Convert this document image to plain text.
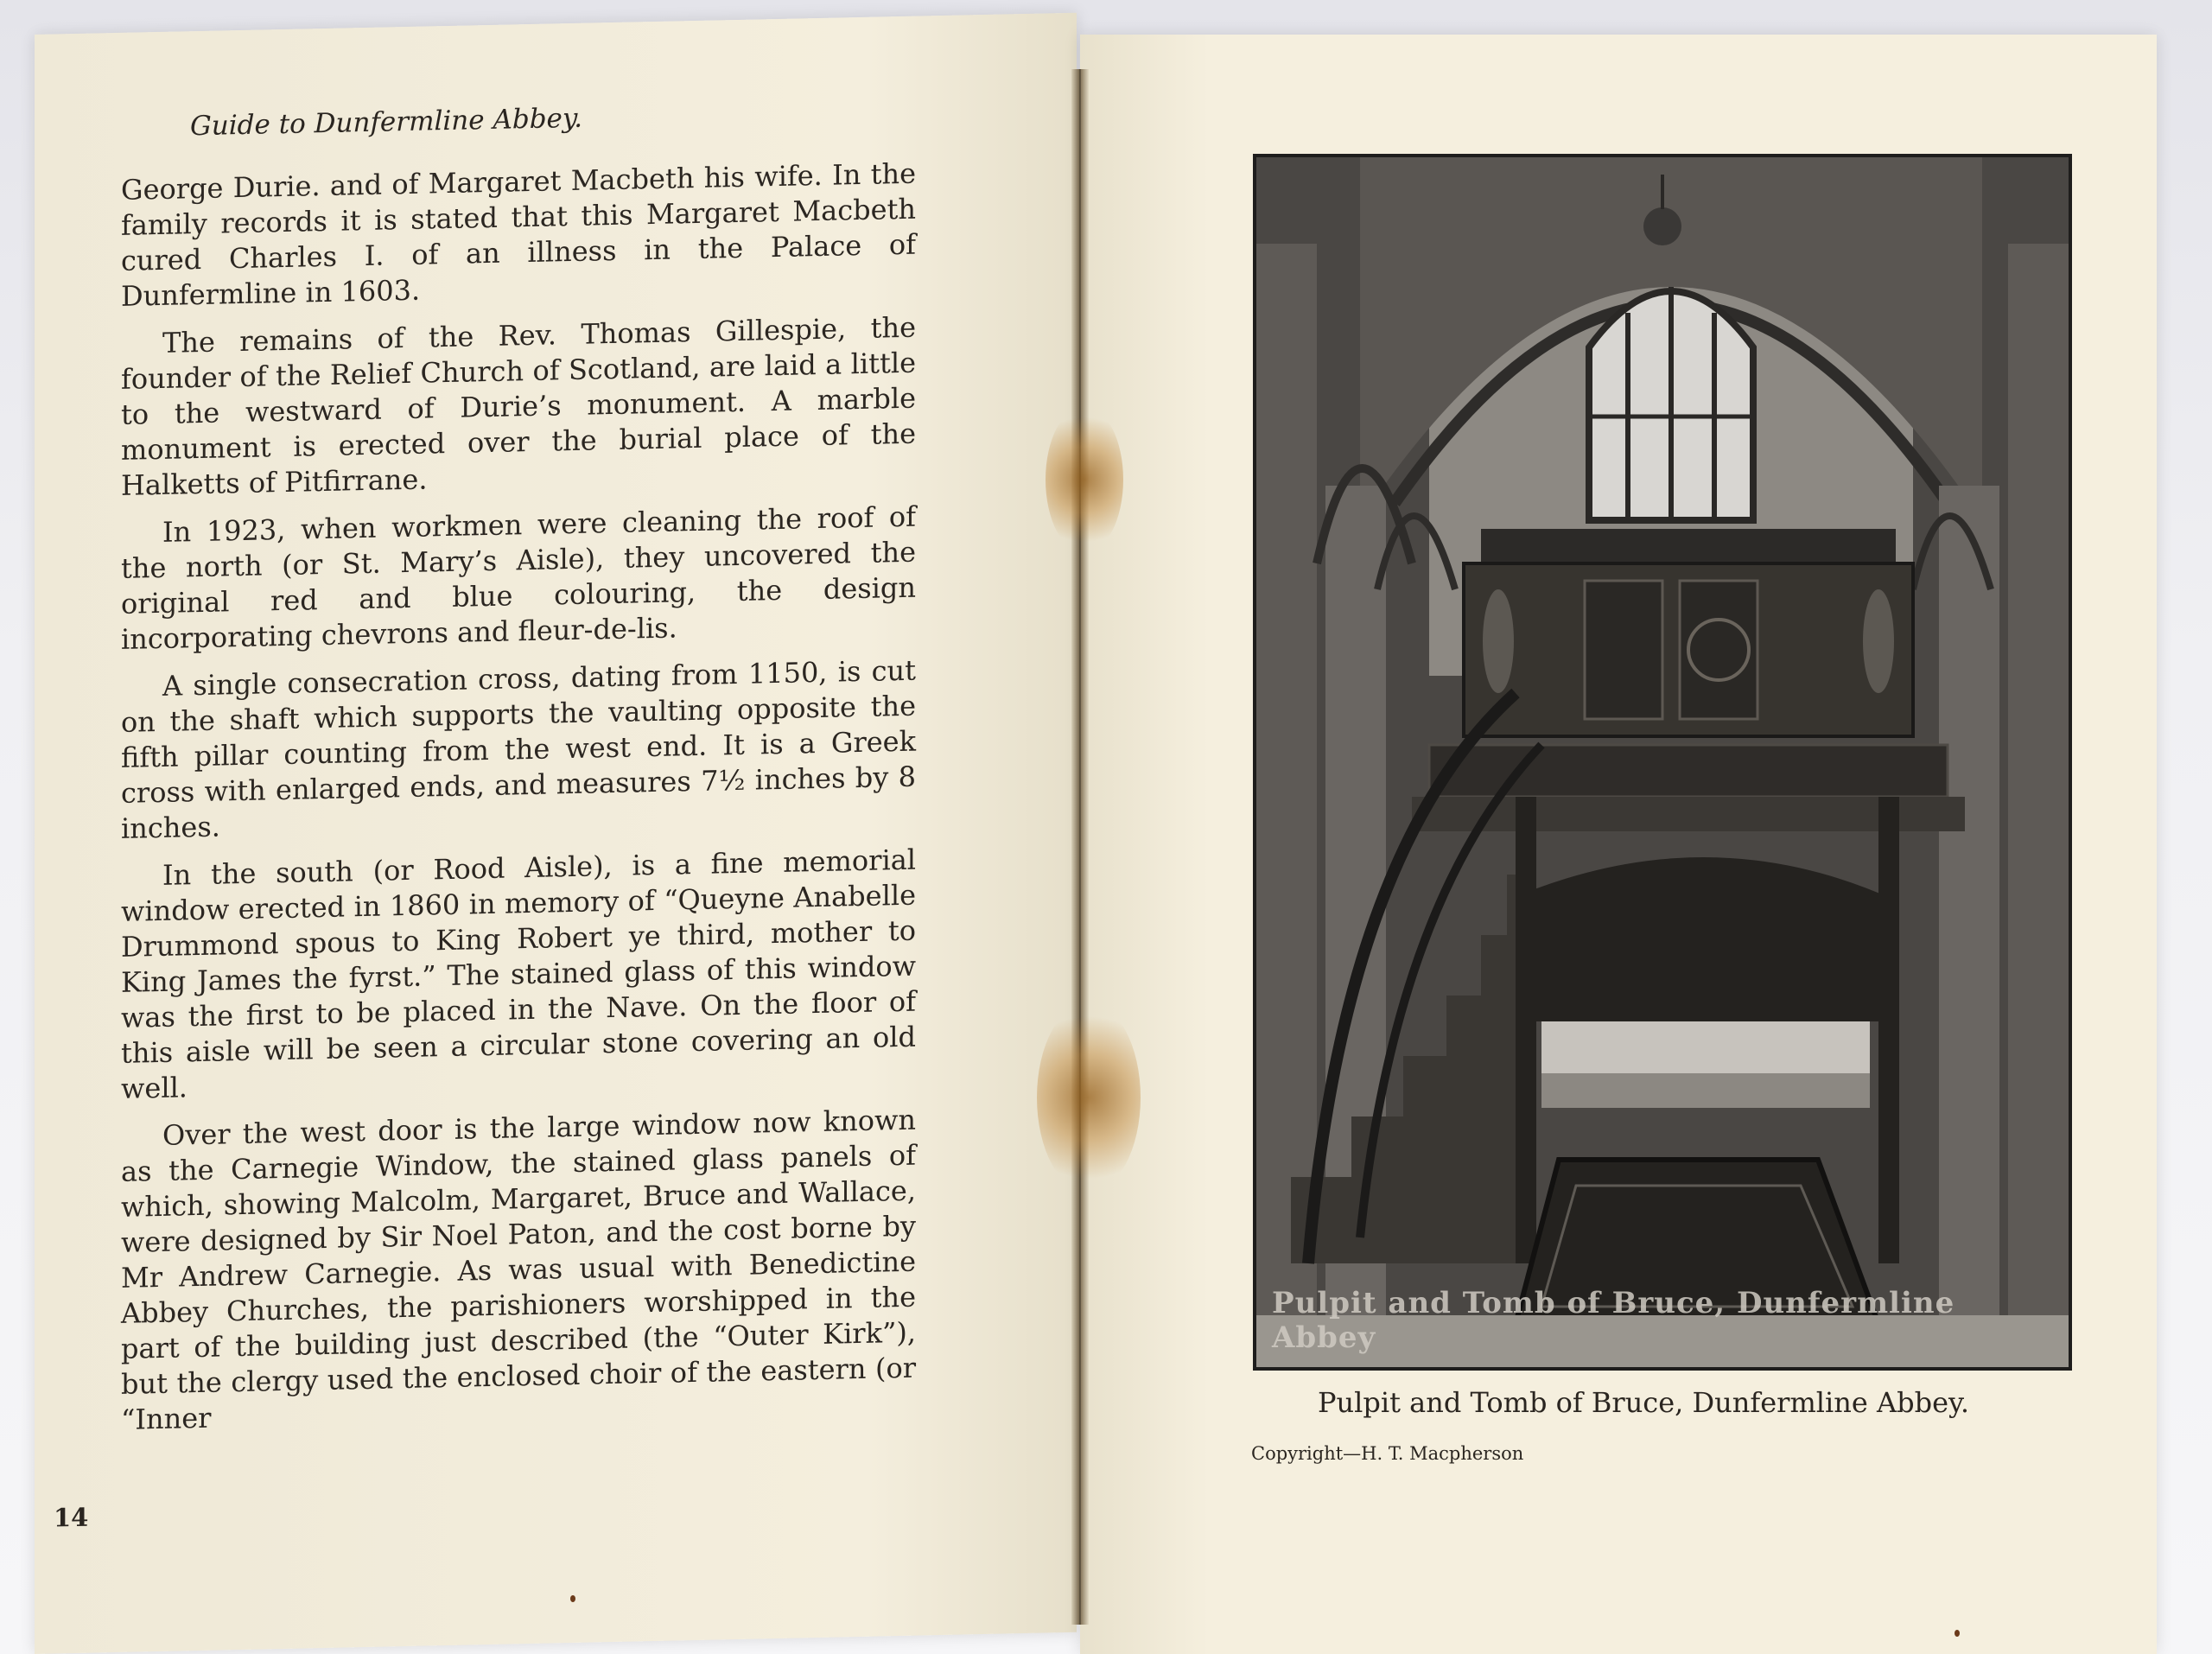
Guide to Dunfermline Abbey.

George Durie. and of Margaret Macbeth his wife. In the family records it is stated that this Margaret Macbeth cured Charles I. of an illness in the Palace of Dunfermline in 1603.

The remains of the Rev. Thomas Gillespie, the founder of the Relief Church of Scotland, are laid a little to the westward of Durie’s monument. A marble monument is erected over the burial place of the Halketts of Pitfirrane.

In 1923, when workmen were cleaning the roof of the north (or St. Mary’s Aisle), they uncovered the original red and blue colouring, the design incorporating chevrons and fleur-de-lis.

A single consecration cross, dating from 1150, is cut on the shaft which supports the vaulting opposite the fifth pillar counting from the west end. It is a Greek cross with enlarged ends, and measures 7½ inches by 8 inches.

In the south (or Rood Aisle), is a fine memorial window erected in 1860 in memory of “Queyne Anabelle Drummond spous to King Robert ye third, mother to King James the fyrst.” The stained glass of this window was the first to be placed in the Nave. On the floor of this aisle will be seen a circular stone covering an old well.

Over the west door is the large window now known as the Carnegie Window, the stained glass panels of which, showing Malcolm, Margaret, Bruce and Wallace, were designed by Sir Noel Paton, and the cost borne by Mr Andrew Carnegie. As was usual with Benedictine Abbey Churches, the parishioners worshipped in the part of the building just described (the “Outer Kirk”), but the clergy used the enclosed choir of the eastern (or “Inner

14
Pulpit and Tomb of Bruce, Dunfermline Abbey
Pulpit and Tomb of Bruce, Dunfermline Abbey.
Copyright—H. T. Macpherson
